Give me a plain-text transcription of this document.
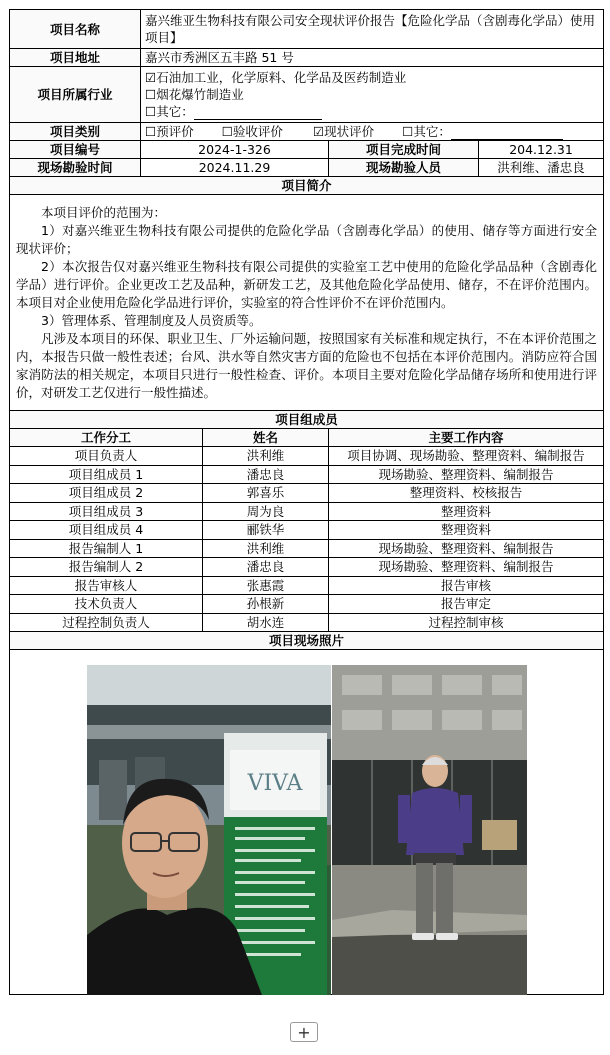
项目名称	嘉兴维亚生物科技有限公司安全现状评价报告【危险化学品（含剧毒化学品）使用项目】			
项目地址	嘉兴市秀洲区五丰路 51 号			
项目所属行业	☑石油加工业，化学原料、化学品及医药制造业
☐烟花爆竹制造业
☐其它：			

项目类别	☐预评价 ☐验收评价 ☑现状评价 ☐其它：			
项目编号	2024-1-326		项目完成时间	204.12.31
现场勘验时间	2024.11.29		现场勘验人员	洪利维、潘忠良
项目简介				

本项目评价的范围为：

1）对嘉兴维亚生物科技有限公司提供的危险化学品（含剧毒化学品）的使用、储存等方面进行安全现状评价；

2）本次报告仅对嘉兴维亚生物科技有限公司提供的实验室工艺中使用的危险化学品品种（含剧毒化学品）进行评价。企业更改工艺及品种，新研发工艺，及其他危险化学品使用、储存，不在评价范围内。本项目对企业使用危险化学品进行评价，实验室的符合性评价不在评价范围内。

3）管理体系、管理制度及人员资质等。

凡涉及本项目的环保、职业卫生、厂外运输问题，按照国家有关标准和规定执行，不在本评价范围之内，本报告只做一般性表述；台风、洪水等自然灾害方面的危险也不包括在本评价范围内。消防应符合国家消防法的相关规定，本项目只进行一般性检查、评价。本项目主要对危险化学品储存场所和使用进行评价，对研发工艺仅进行一般性描述。				

项目组成员				
工作分工		姓名	主要工作内容	
项目负责人		洪利维	项目协调、现场勘验、整理资料、编制报告	
项目组成员 1		潘忠良	现场勘验、整理资料、编制报告	
项目组成员 2		郭喜乐	整理资料、校核报告	
项目组成员 3		周为良	整理资料	
项目组成员 4		郦铁华	整理资料	
报告编制人 1		洪利维	现场勘验、整理资料、编制报告	
报告编制人 2		潘忠良	现场勘验、整理资料、编制报告	
报告审核人		张惠霞	报告审核	
技术负责人		孙根新	报告审定	
过程控制负责人		胡水连	过程控制审核	
项目现场照片				

VIVA				
+
